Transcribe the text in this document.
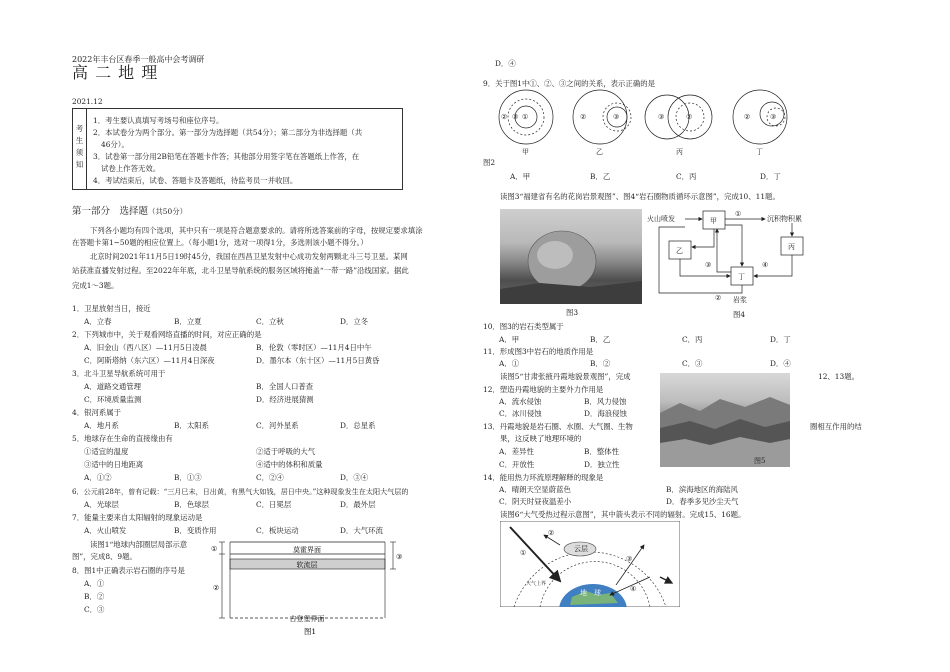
2022年丰台区春季一般高中会考调研
高 二 地 理
2021.12
考
生
须
知
1．考生要认真填写考场号和座位序号。
2．本试卷分为两个部分。第一部分为选择题（共54分）；第二部分为非选择题（共
46分）。
3．试卷第一部分用2B铅笔在答题卡作答；其他部分用签字笔在答题纸上作答，在
试卷上作答无效。
4．考试结束后，试卷、答题卡及答题纸，待监考员一并收回。
第一部分　选择题（共50分）
下列各小题均有四个选项，其中只有一项是符合题意要求的。请将所选答案前的字母，按规定要求填涂
在答题卡第1~50题的相应位置上。（每小题1分，选对一项得1分，多选则该小题不得分。）
北京时间2021年11月5日19时45分，我国在西昌卫星发射中心成功发射两颗北斗三号卫星。某网
站获准直播发射过程。至2022年年底，北斗卫星导航系统的服务区域将掩盖“一带一路”沿线国家。据此
完成1～3题。
1．卫星放射当日，接近
A．立春	B．立夏	C．立秋	D．立冬
2．下列城市中，关于观看网络直播的时间，对应正确的是
A．旧金山（西八区）—11月5日凌晨	B．伦敦（零时区）—11月4日中午
C．阿斯塔纳（东六区）—11月4日深夜	D．墨尔本（东十区）—11月5日黄昏
3．北斗卫星导航系统可用于
A．道路交通管理	B．全国人口普查
C．环境质量监测	D．经济进展猜测
4．银河系属于
A．地月系	B．太阳系	C．河外星系	D．总星系
5．地球存在生命的直接缘由有
①适宜的温度	②适于呼吸的大气
③适中的日地距离	④适中的体积和质量
A．①②	B．①③	C．②④	D．③④
6．公元前28年，曾有记载：“三月巳未，日出黄，有黑气大如钱，居日中央。”这种现象发生在太阳大气层的
A．光球层	B．色球层	C．日冕层	D．最外层
7．能量主要来自太阳辐射的现象运动是
A．火山喷发	B．变质作用	C．板块运动	D．大气环流
读图1“地球内部圈层局部示意
图”，完成8、9题。
8．图1中正确表示岩石圈的序号是
A．①
B．②
C．③
①
②
③
莫霍界面
软流层
古登堡界面
图1
D．④
9．关于图1中①、②、③之间的关系，表示正确的是
② ③ ①
甲
②	③
乙
③	②
丙
②	③
丁
图2
A．甲	B．乙	C．丙	D．丁
读图3“福建省有名的花岗岩景观图”、图4“岩石圈物质循环示意图”，完成10、11题。
图3
火山喷发	甲
乙	丙
丁
沉积物积累
岩浆
①
②
③	④
图4
10．图3的岩石类型属于
A．甲	B．乙	C．丙	D．丁
11．形成图3中岩石的地质作用是
A．①	B．②	C．③	D．④
读图5“甘肃张掖丹霞地貌景观图”，完成	12、13题。
图5
12．塑造丹霞地貌的主要外力作用是
A．流水侵蚀	B．风力侵蚀
C．冰川侵蚀	D．海浪侵蚀
13．丹霞地貌是岩石圈、水圈、大气圈、生物	圈相互作用的结
果，这反映了地理环境的
A．差异性	B．整体性
C．开放性	D．独立性
14．能用热力环流原理解释的现象是
A．晴朗天空显蔚蓝色	B．滨海地区的海陆风
C．阴天时昼夜温差小	D．春季多见沙尘天气
读图6“大气受热过程示意图”，其中箭头表示不同的辐射。完成15、16题。
云层
地　球
①
②
③
④
大气上界
